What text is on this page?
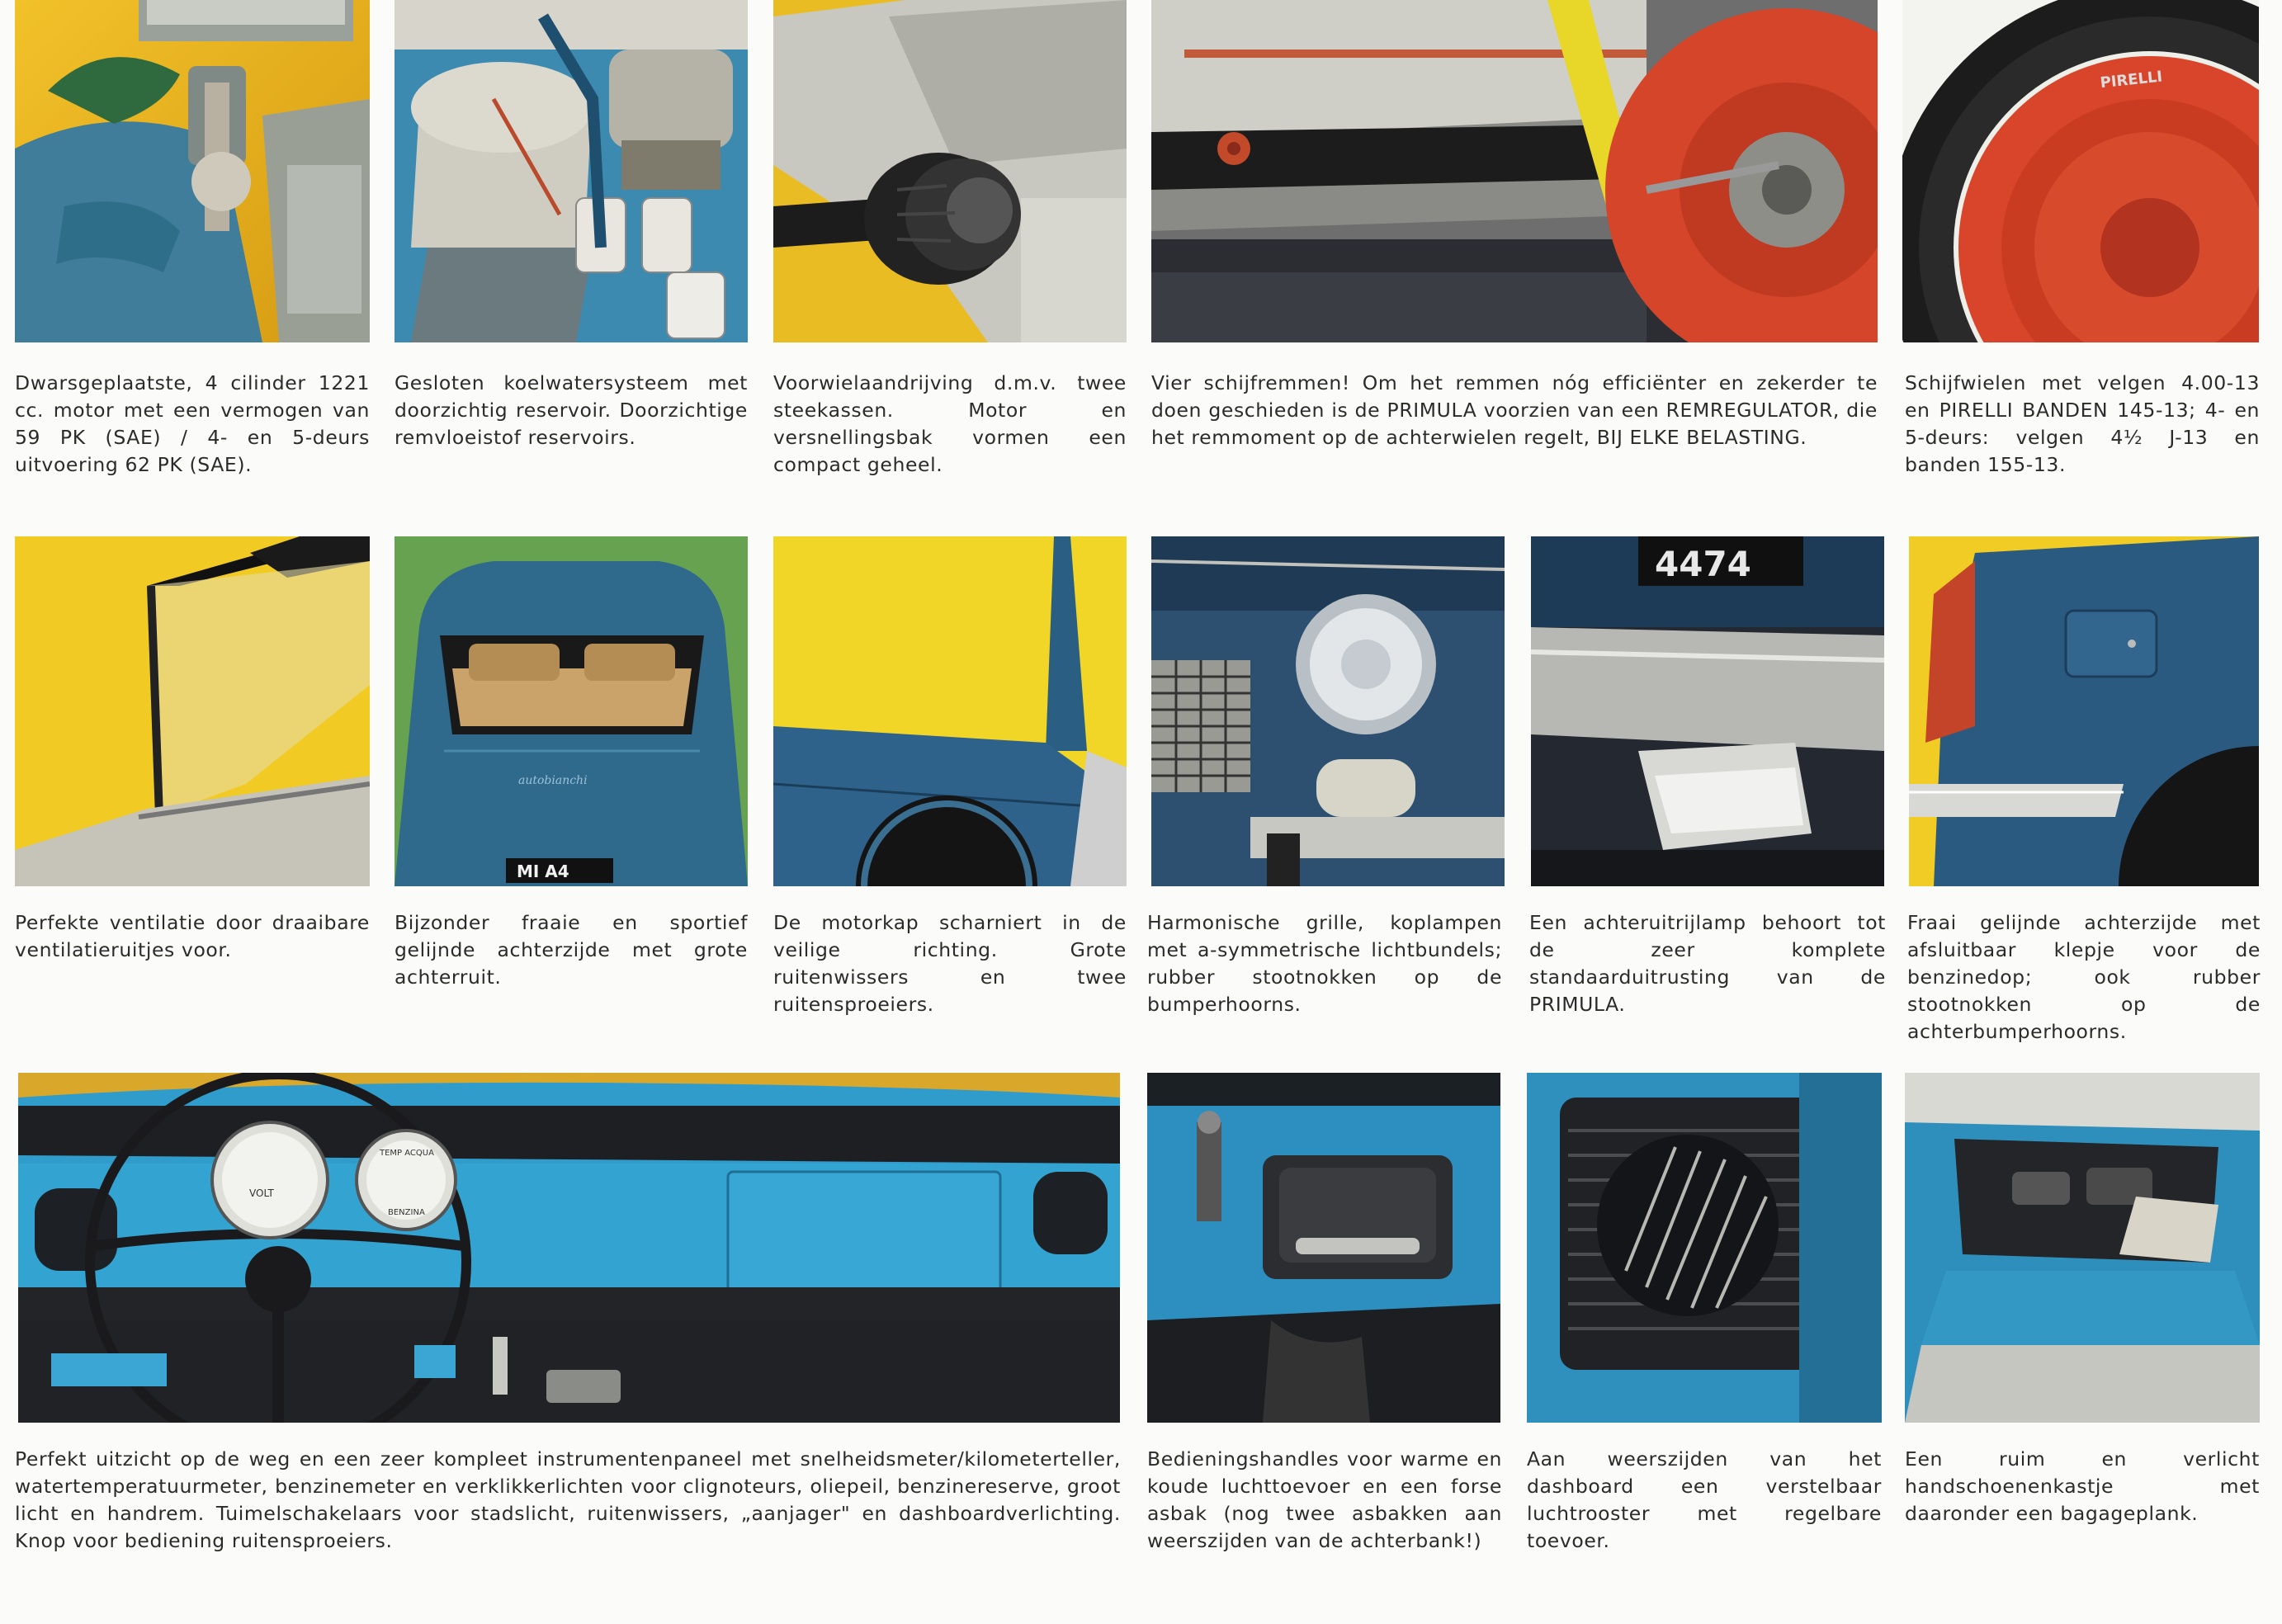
PIRELLI
Dwarsgeplaatste, 4 cilinder 1221 cc. motor met een vermogen van 59 PK (SAE) / 4- en 5-deurs uitvoering 62 PK (SAE).
Gesloten koelwatersysteem met doorzichtig reservoir. Doorzichtige remvloeistof reservoirs.
Voorwielaandrijving d.m.v. twee steekassen. Motor en versnellingsbak vormen een compact geheel.
Vier schijfremmen! Om het remmen nóg efficiënter en zekerder te doen geschieden is de PRIMULA voorzien van een REMREGULATOR, die het remmoment op de achterwielen regelt, BIJ ELKE BELASTING.
Schijfwielen met velgen 4.00-13 en PIRELLI BANDEN 145-13; 4- en 5-deurs: velgen 4½ J-13 en banden 155-13.
autobianchi
MI A4
4474
Perfekte ventilatie door draaibare ventilatieruitjes voor.
Bijzonder fraaie en sportief gelijnde achterzijde met grote achterruit.
De motorkap scharniert in de veilige richting. Grote ruitenwissers en twee ruitensproeiers.
Harmonische grille, koplampen met a-symmetrische lichtbundels; rubber stootnokken op de bumperhoorns.
Een achteruitrijlamp behoort tot de zeer komplete standaarduitrusting van de PRIMULA.
Fraai gelijnde achterzijde met afsluitbaar klepje voor de benzinedop; ook rubber stootnokken op de achterbumperhoorns.
VOLT
TEMP ACQUA
BENZINA
Perfekt uitzicht op de weg en een zeer kompleet instrumentenpaneel met snelheidsmeter/kilometerteller, watertemperatuurmeter, benzinemeter en verklikkerlichten voor clignoteurs, oliepeil, benzinereserve, groot licht en handrem. Tuimelschakelaars voor stadslicht, ruitenwissers, „aanjager" en dashboardverlichting. Knop voor bediening ruitensproeiers.
Bedieningshandles voor warme en koude luchttoevoer en een forse asbak (nog twee asbakken aan weerszijden van de achterbank!)
Aan weerszijden van het dashboard een verstelbaar luchtrooster met regelbare toevoer.
Een ruim en verlicht handschoenenkastje met daaronder een bagageplank.
